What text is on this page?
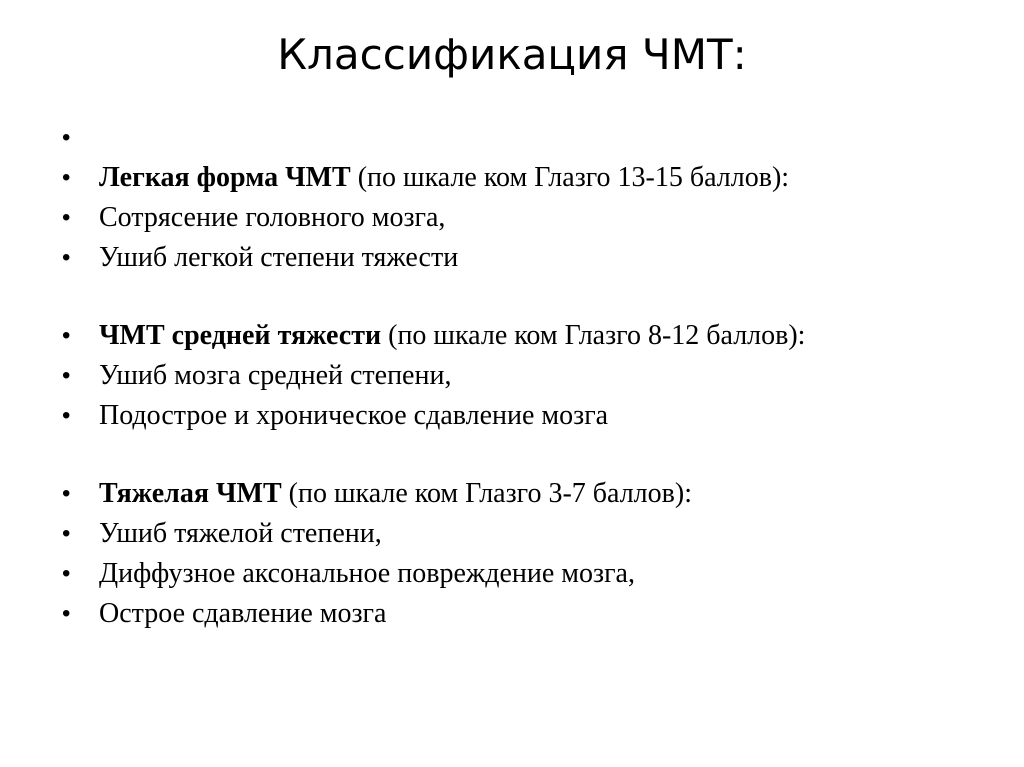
Классификация ЧМТ:
•
•	Легкая форма ЧМТ (по шкале ком Глазго 13-15 баллов):
•	Сотрясение головного мозга,
•	Ушиб легкой степени тяжести
•	ЧМТ средней тяжести (по шкале ком Глазго 8-12 баллов):
•	Ушиб мозга средней степени,
•	Подострое и хроническое сдавление мозга
•	Тяжелая ЧМТ (по шкале ком Глазго 3-7 баллов):
•	Ушиб тяжелой степени,
•	Диффузное аксональное повреждение мозга,
•	Острое сдавление мозга
